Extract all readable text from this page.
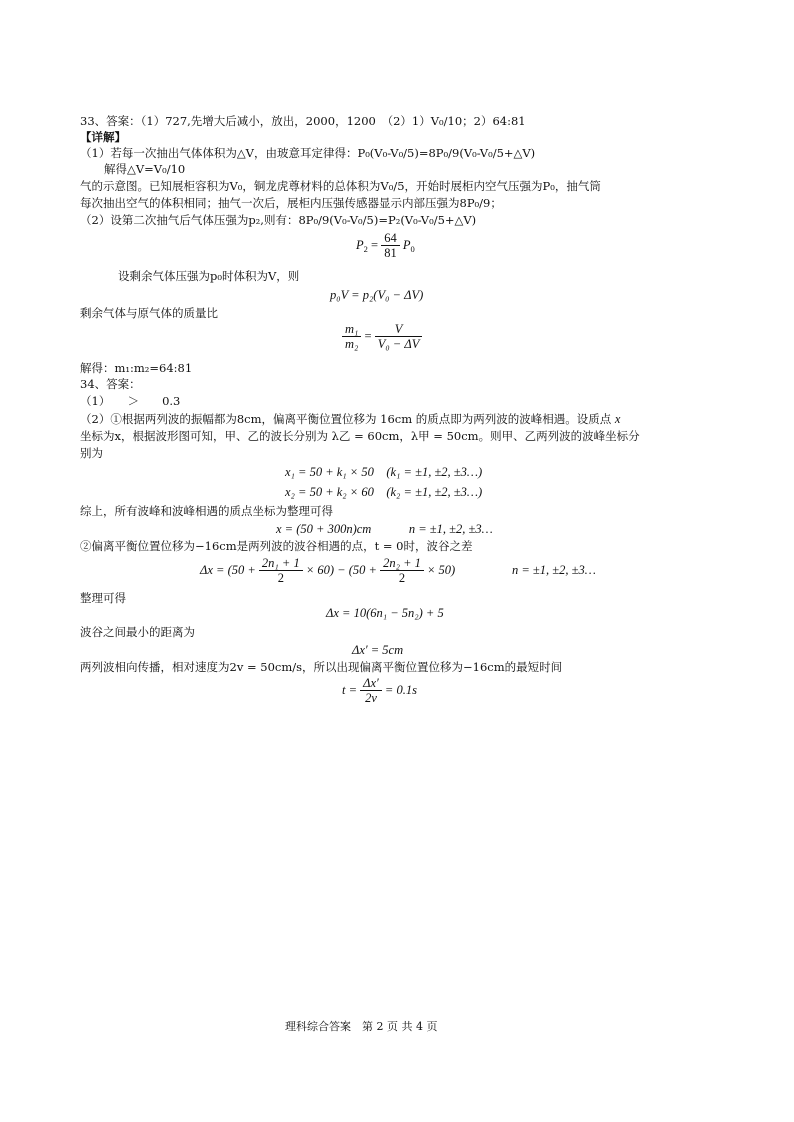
33、答案：（1）727,先增大后减小，放出，2000，1200　（2）1）V₀/10；2）64:81
【详解】
（1）若每一次抽出气体体积为△V，由玻意耳定律得：P₀(V₀-V₀/5)=8P₀/9(V₀-V₀/5+△V)
解得△V=V₀/10
气的示意图。已知展柜容积为V₀，铜龙虎尊材料的总体积为V₀/5，开始时展柜内空气压强为P₀，抽气筒
每次抽出空气的体积相同；抽气一次后，展柜内压强传感器显示内部压强为8P₀/9；
（2）设第二次抽气后气体压强为p₂,则有：8P₀/9(V₀-V₀/5)=P₂(V₀-V₀/5+△V)
$P_2 = \frac{64}{81} P_0$
设剩余气体压强为p₀时体积为V，则
p₀V = p₂(V₀ − ΔV)
剩余气体与原气体的质量比
$\frac{\text{m₁}}{\text{m₂}} = \frac{V}{\text{V₀ − ΔV}}$
解得：m₁:m₂=64:81
34、答案：
（1）　　＞　　0.3
（2）①根据两列波的振幅都为8cm，偏离平衡位置位移为 16cm 的质点即为两列波的波峰相遇。设质点 x
坐标为x，根据波形图可知，甲、乙的波长分别为 λ乙 = 60cm，λ甲 = 50cm。则甲、乙两列波的波峰坐标分
别为
x₁ = 50 + k₁ × 50　(k₁ = ±1, ±2, ±3…)
x₂ = 50 + k₂ × 60　(k₂ = ±1, ±2, ±3…)
综上，所有波峰和波峰相遇的质点坐标为整理可得
x = (50 + 300n)cm　　　n = ±1, ±2, ±3…
②偏离平衡位置位移为−16cm是两列波的波谷相遇的点，t = 0时，波谷之差
$\Delta x = (50 + \frac{\text{2n₁ + 1}}{2} \times 60) - (50 + \frac{\text{2n₂ + 1}}{2} \times 50)$	n = ±1, ±2, ±3…
整理可得
Δx = 10(6n₁ − 5n₂) + 5
波谷之间最小的距离为
Δx′ = 5cm
两列波相向传播，相对速度为2v = 50cm/s，所以出现偏离平衡位置位移为−16cm的最短时间
$t = \frac{\Delta x'}{2v} = 0.1s$
理科综合答案　第 2 页 共 4 页
